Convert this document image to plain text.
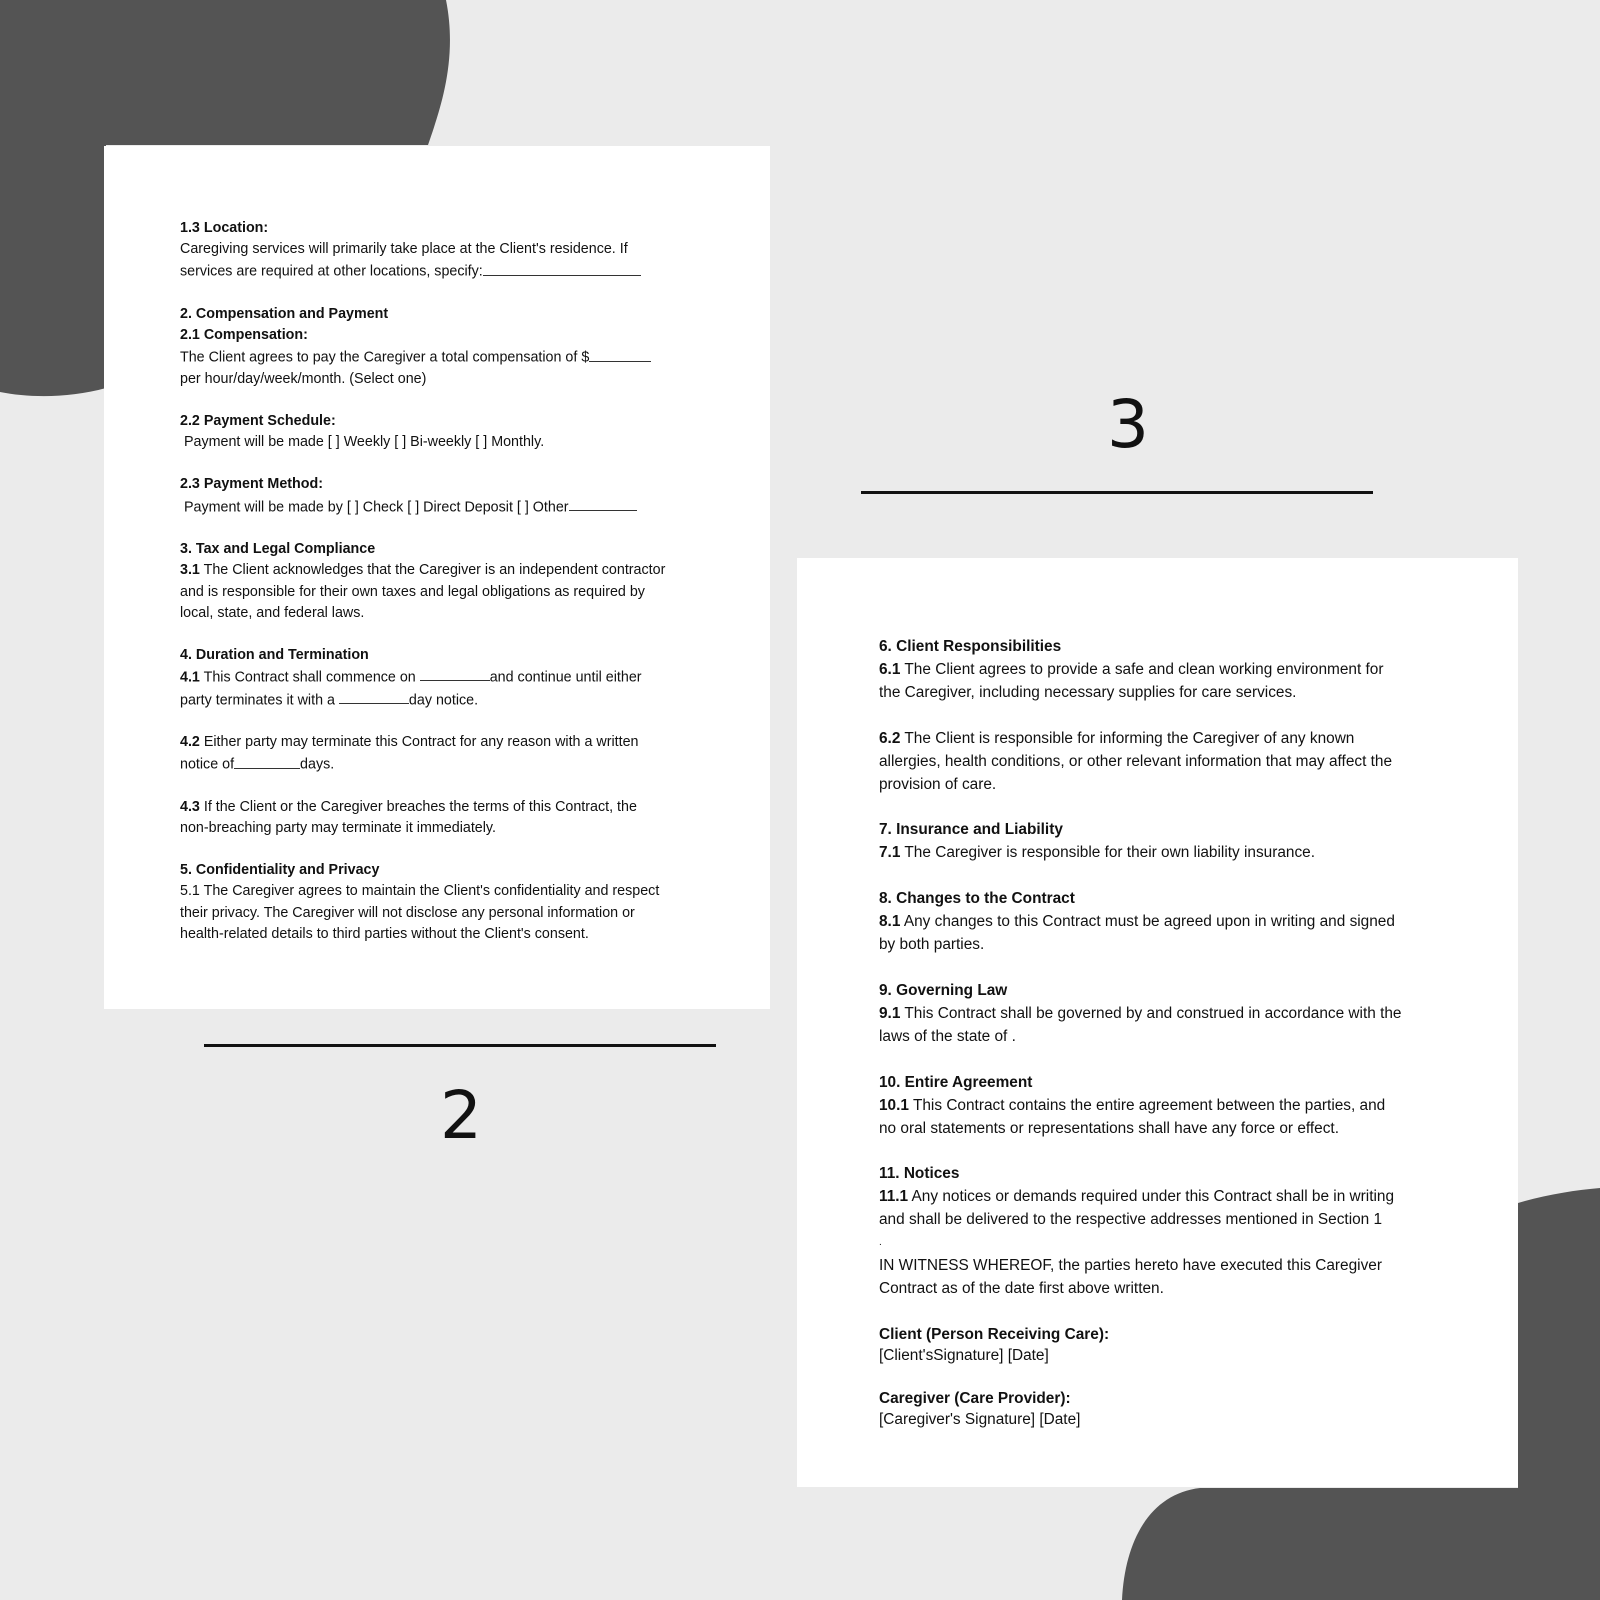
1.3 Location:

Caregiving services will primarily take place at the Client's residence. If

services are required at other locations, specify:

2. Compensation and Payment

2.1 Compensation:

The Client agrees to pay the Caregiver a total compensation of $

per hour/day/week/month. (Select one)

2.2 Payment Schedule:

Payment will be made [ ] Weekly [ ] Bi-weekly [ ] Monthly.

2.3 Payment Method:

Payment will be made by [ ] Check [ ] Direct Deposit [ ] Other

3. Tax and Legal Compliance

3.1 The Client acknowledges that the Caregiver is an independent contractor

and is responsible for their own taxes and legal obligations as required by

local, state, and federal laws.

4. Duration and Termination

4.1 This Contract shall commence on	and continue until either

party terminates it with a	day notice.

4.2 Either party may terminate this Contract for any reason with a written

notice of	days.

4.3 If the Client or the Caregiver breaches the terms of this Contract, the

non-breaching party may terminate it immediately.

5. Confidentiality and Privacy

5.1 The Caregiver agrees to maintain the Client's confidentiality and respect

their privacy. The Caregiver will not disclose any personal information or

health-related details to third parties without the Client's consent.

2
3

6. Client Responsibilities

6.1 The Client agrees to provide a safe and clean working environment for

the Caregiver, including necessary supplies for care services.

6.2 The Client is responsible for informing the Caregiver of any known

allergies, health conditions, or other relevant information that may affect the

provision of care.

7. Insurance and Liability

7.1 The Caregiver is responsible for their own liability insurance.

8. Changes to the Contract

8.1 Any changes to this Contract must be agreed upon in writing and signed

by both parties.

9. Governing Law

9.1 This Contract shall be governed by and construed in accordance with the

laws of the state of .

10. Entire Agreement

10.1 This Contract contains the entire agreement between the parties, and

no oral statements or representations shall have any force or effect.

11. Notices

11.1 Any notices or demands required under this Contract shall be in writing

and shall be delivered to the respective addresses mentioned in Section 1

.

IN WITNESS WHEREOF, the parties hereto have executed this Caregiver

Contract as of the date first above written.

Client (Person Receiving Care):

[Client'sSignature] [Date]

Caregiver (Care Provider):

[Caregiver's Signature] [Date]
